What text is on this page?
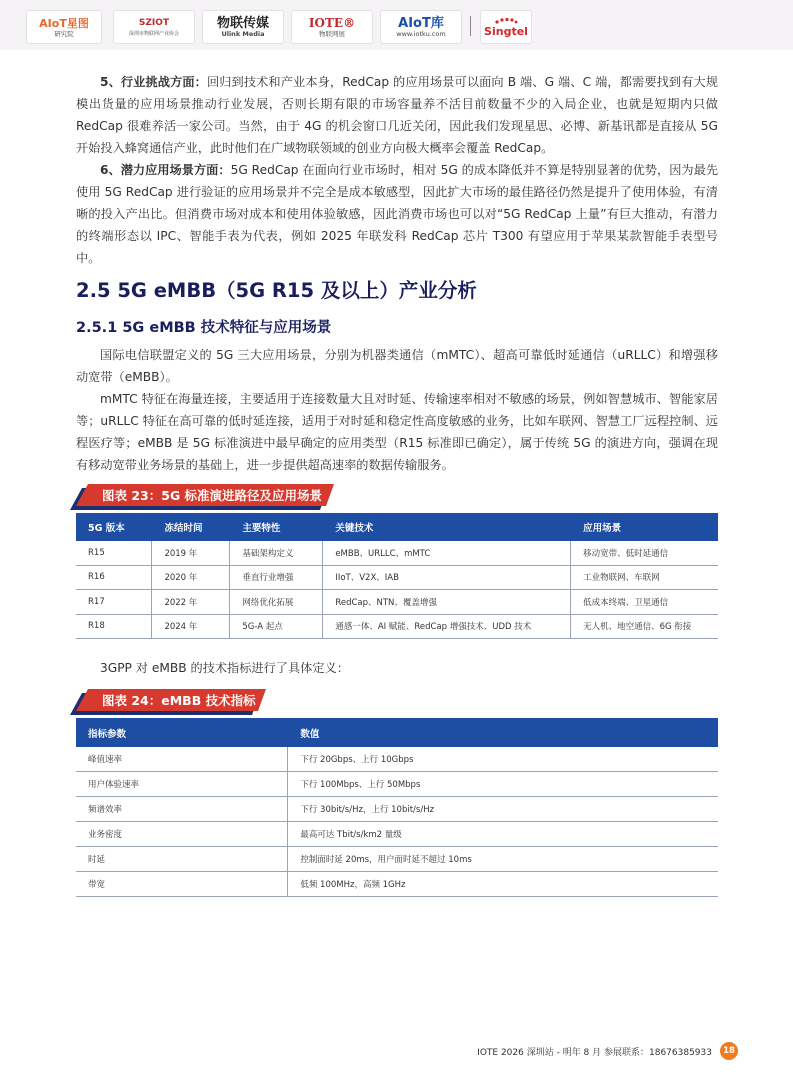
AIoT星图
研究院
SZIOT
深圳市物联网产业协会
物联传媒
Ulink Media
IOTE®
物联网展
AIoT库
www.iotku.com	Singtel

5、行业挑战方面：回归到技术和产业本身，RedCap 的应用场景可以面向 B 端、G 端、C 端，都需要找到有大规模出货量的应用场景推动行业发展，否则长期有限的市场容量养不活目前数量不少的入局企业，也就是短期内只做 RedCap 很难养活一家公司。当然，由于 4G 的机会窗口几近关闭，因此我们发现星思、必博、新基讯都是直接从 5G 开始投入蜂窝通信产业，此时他们在广域物联领域的创业方向极大概率会覆盖 RedCap。

6、潜力应用场景方面：5G RedCap 在面向行业市场时，相对 5G 的成本降低并不算是特别显著的优势，因为最先使用 5G RedCap 进行验证的应用场景并不完全是成本敏感型，因此扩大市场的最佳路径仍然是提升了使用体验，有清晰的投入产出比。但消费市场对成本和使用体验敏感，因此消费市场也可以对“5G RedCap 上量”有巨大推动，有潜力的终端形态以 IPC、智能手表为代表，例如 2025 年联发科 RedCap 芯片 T300 有望应用于苹果某款智能手表型号中。

2.5 5G eMBB（5G R15 及以上）产业分析
2.5.1 5G eMBB 技术特征与应用场景

国际电信联盟定义的 5G 三大应用场景，分别为机器类通信（mMTC）、超高可靠低时延通信（uRLLC）和增强移动宽带（eMBB）。

mMTC 特征在海量连接，主要适用于连接数量大且对时延、传输速率相对不敏感的场景，例如智慧城市、智能家居等；uRLLC 特征在高可靠的低时延连接，适用于对时延和稳定性高度敏感的业务，比如车联网、智慧工厂远程控制、远程医疗等；eMBB 是 5G 标准演进中最早确定的应用类型（R15 标准即已确定），属于传统 5G 的演进方向，强调在现有移动宽带业务场景的基础上，进一步提供超高速率的数据传输服务。

图表 23：5G 标准演进路径及应用场景
5G 版本	冻结时间	主要特性	关键技术	应用场景
R15	2019 年	基础架构定义	eMBB、URLLC、mMTC	移动宽带、低时延通信
R16	2020 年	垂直行业增强	IIoT、V2X、IAB	工业物联网、车联网
R17	2022 年	网络优化拓展	RedCap、NTN、覆盖增强	低成本终端、卫星通信
R18	2024 年	5G-A 起点	通感一体、AI 赋能、RedCap 增强技术、UDD 技术	无人机、地空通信、6G 衔接

3GPP 对 eMBB 的技术指标进行了具体定义：

图表 24：eMBB 技术指标
指标参数	数值
峰值速率	下行 20Gbps、上行 10Gbps
用户体验速率	下行 100Mbps、上行 50Mbps
频谱效率	下行 30bit/s/Hz，上行 10bit/s/Hz
业务密度	最高可达 Tbit/s/km2 量级
时延	控制面时延 20ms，用户面时延不超过 10ms
带宽	低频 100MHz，高频 1GHz
IOTE 2026 深圳站 - 明年 8 月 参展联系：18676385933	18
